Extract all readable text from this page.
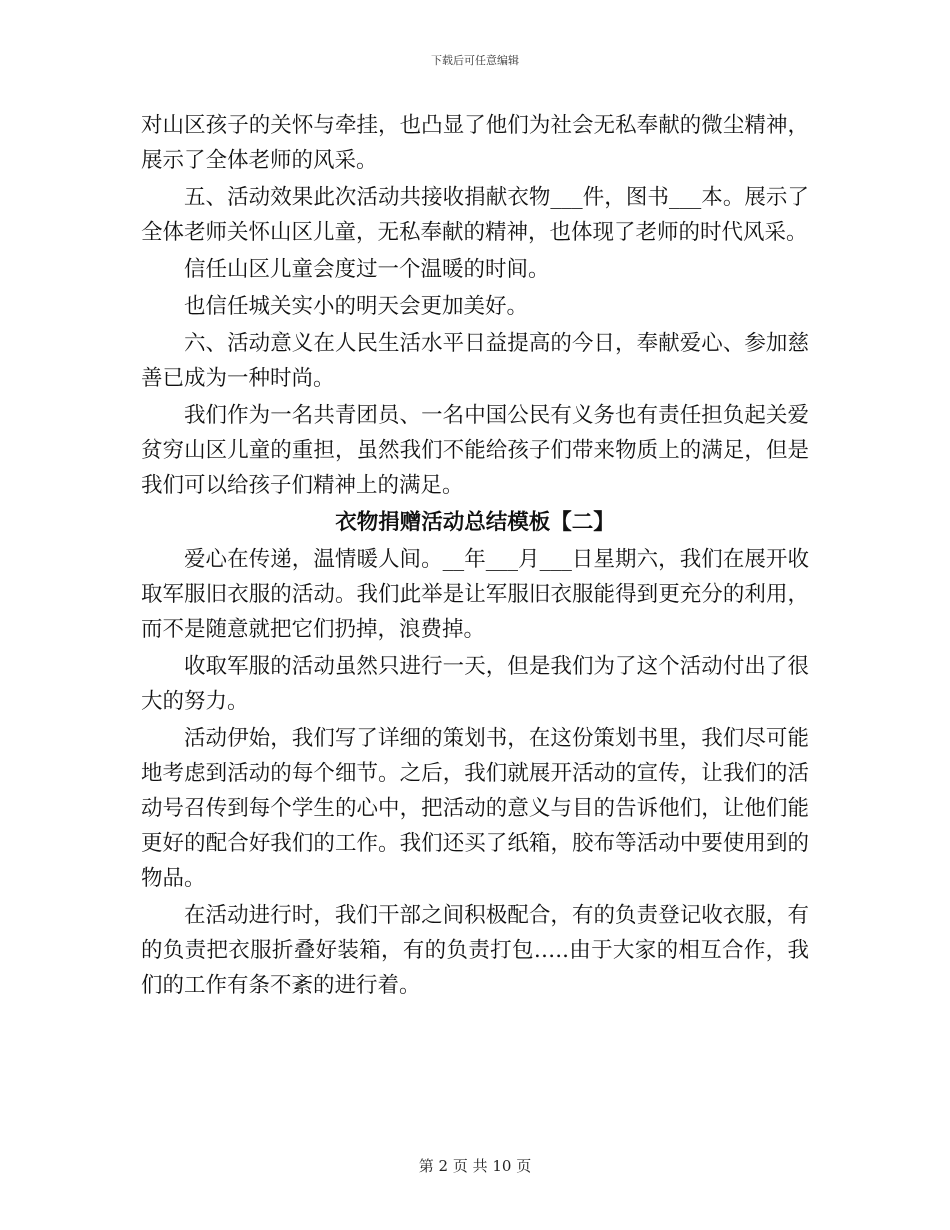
下载后可任意编辑

对山区孩子的关怀与牵挂，也凸显了他们为社会无私奉献的微尘精神，展示了全体老师的风采。

五、活动效果此次活动共接收捐献衣物___件，图书___本。展示了全体老师关怀山区儿童，无私奉献的精神，也体现了老师的时代风采。

信任山区儿童会度过一个温暖的时间。

也信任城关实小的明天会更加美好。

六、活动意义在人民生活水平日益提高的今日，奉献爱心、参加慈善已成为一种时尚。

我们作为一名共青团员、一名中国公民有义务也有责任担负起关爱贫穷山区儿童的重担，虽然我们不能给孩子们带来物质上的满足，但是我们可以给孩子们精神上的满足。

衣物捐赠活动总结模板【二】

爱心在传递，温情暖人间。__年___月___日星期六，我们在展开收取军服旧衣服的活动。我们此举是让军服旧衣服能得到更充分的利用，而不是随意就把它们扔掉，浪费掉。

收取军服的活动虽然只进行一天，但是我们为了这个活动付出了很大的努力。

活动伊始，我们写了详细的策划书，在这份策划书里，我们尽可能地考虑到活动的每个细节。之后，我们就展开活动的宣传，让我们的活动号召传到每个学生的心中，把活动的意义与目的告诉他们，让他们能更好的配合好我们的工作。我们还买了纸箱，胶布等活动中要使用到的物品。

在活动进行时，我们干部之间积极配合，有的负责登记收衣服，有的负责把衣服折叠好装箱，有的负责打包…..由于大家的相互合作，我们的工作有条不紊的进行着。

第 2 页 共 10 页
